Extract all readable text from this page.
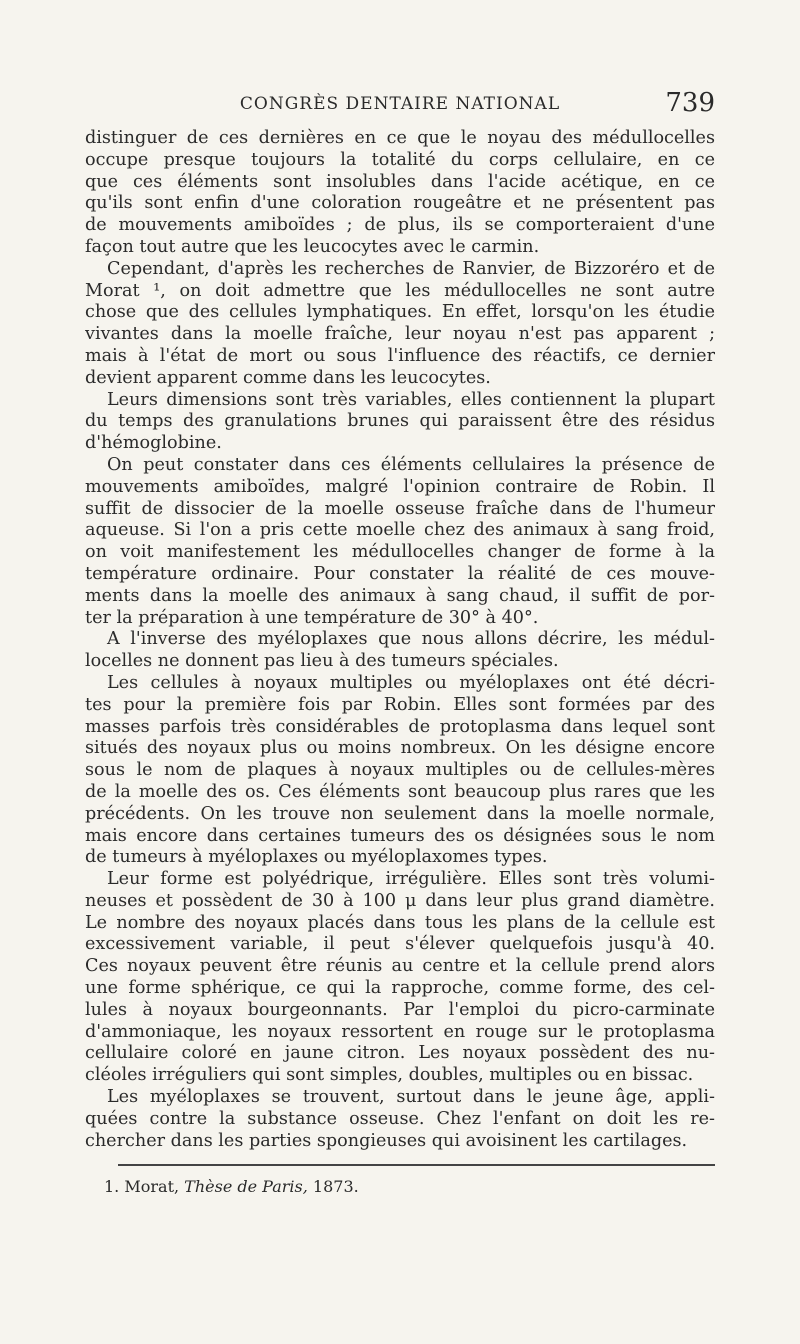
CONGRÈS DENTAIRE NATIONAL	739
distinguer de ces dernières en ce que le noyau des médullocelles
occupe presque toujours la totalité du corps cellulaire, en ce
que ces éléments sont insolubles dans l'acide acétique, en ce
qu'ils sont enfin d'une coloration rougeâtre et ne présentent pas
de mouvements amiboïdes ; de plus, ils se comporteraient d'une
façon tout autre que les leucocytes avec le carmin.
Cependant, d'après les recherches de Ranvier, de Bizzoréro et de
Morat ¹, on doit admettre que les médullocelles ne sont autre
chose que des cellules lymphatiques. En effet, lorsqu'on les étudie
vivantes dans la moelle fraîche, leur noyau n'est pas apparent ;
mais à l'état de mort ou sous l'influence des réactifs, ce dernier
devient apparent comme dans les leucocytes.
Leurs dimensions sont très variables, elles contiennent la plupart
du temps des granulations brunes qui paraissent être des résidus
d'hémoglobine.
On peut constater dans ces éléments cellulaires la présence de
mouvements amiboïdes, malgré l'opinion contraire de Robin. Il
suffit de dissocier de la moelle osseuse fraîche dans de l'humeur
aqueuse. Si l'on a pris cette moelle chez des animaux à sang froid,
on voit manifestement les médullocelles changer de forme à la
température ordinaire. Pour constater la réalité de ces mouve-
ments dans la moelle des animaux à sang chaud, il suffit de por-
ter la préparation à une température de 30° à 40°.
A l'inverse des myéloplaxes que nous allons décrire, les médul-
locelles ne donnent pas lieu à des tumeurs spéciales.
Les cellules à noyaux multiples ou myéloplaxes ont été décri-
tes pour la première fois par Robin. Elles sont formées par des
masses parfois très considérables de protoplasma dans lequel sont
situés des noyaux plus ou moins nombreux. On les désigne encore
sous le nom de plaques à noyaux multiples ou de cellules-mères
de la moelle des os. Ces éléments sont beaucoup plus rares que les
précédents. On les trouve non seulement dans la moelle normale,
mais encore dans certaines tumeurs des os désignées sous le nom
de tumeurs à myéloplaxes ou myéloplaxomes types.
Leur forme est polyédrique, irrégulière. Elles sont très volumi-
neuses et possèdent de 30 à 100 μ dans leur plus grand diamètre.
Le nombre des noyaux placés dans tous les plans de la cellule est
excessivement variable, il peut s'élever quelquefois jusqu'à 40.
Ces noyaux peuvent être réunis au centre et la cellule prend alors
une forme sphérique, ce qui la rapproche, comme forme, des cel-
lules à noyaux bourgeonnants. Par l'emploi du picro-carminate
d'ammoniaque, les noyaux ressortent en rouge sur le protoplasma
cellulaire coloré en jaune citron. Les noyaux possèdent des nu-
cléoles irréguliers qui sont simples, doubles, multiples ou en bissac.
Les myéloplaxes se trouvent, surtout dans le jeune âge, appli-
quées contre la substance osseuse. Chez l'enfant on doit les re-
chercher dans les parties spongieuses qui avoisinent les cartilages.
1. Morat, Thèse de Paris, 1873.
